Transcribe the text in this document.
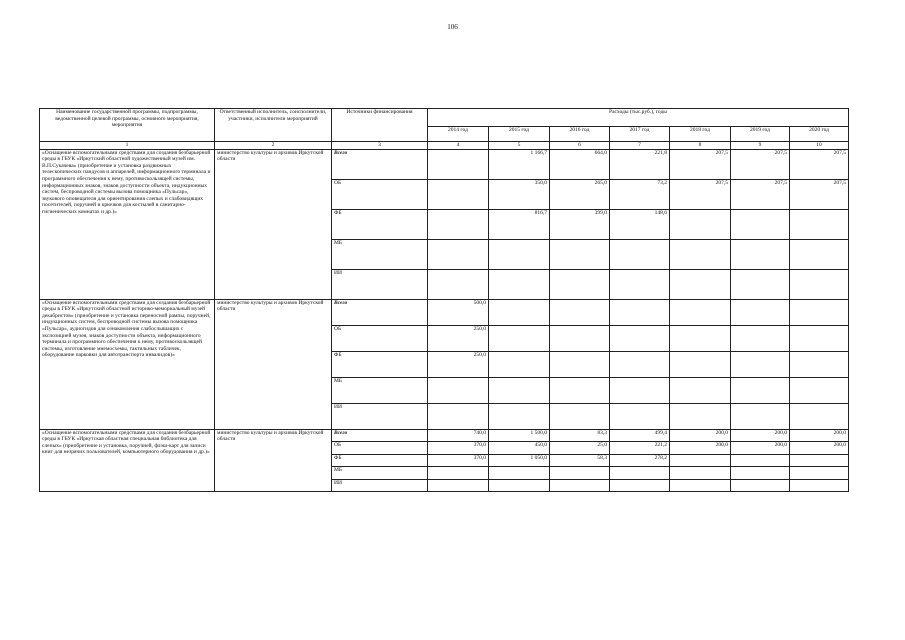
106
Наименование государственной программы, подпрограммы, ведомственной целевой программы, основного мероприятия, мероприятия	Ответственный исполнитель, соисполнители, участники, исполнители мероприятий	Источники финансирования	Расходы (тыс.руб.), годы						
			2014 год	2015 год	2016 год	2017 год	2018 год	2019 год	2020 год
1	2	3	4	5	6	7	8	9	10
«Оснащение вспомогательными средствами для создания безбарьерной среды в ГБУК «Иркутский областной художественный музей им. В.П.Сукачева» (приобретение и установка раздвижных телескопических пандусов и аппарелей, информационного терминала и программного обеспечения к нему, противоскользящей системы, информационных знаков, знаков доступности объекта, индукционных систем, беспроводной системы вызова помощника «Пульсар», звукового оповещателя для ориентирования слепых и слабовидящих посетителей, поручней и крючков для костылей в санитарно-гигиенических комнатах и др.)»	министерство культуры и архивов Иркутской области	Всего		1 166,7	664,0	221,8	207,5	207,5	207,5
		ОБ		350,0	265,0	73,2	207,5	207,5	207,5
		ФБ		816,7	399,0	148,6			
		МБ							
		ИИ							
«Оснащение вспомогательными средствами для создания безбарьерной среды в ГБУК «Иркутский областной историко-мемориальный музей декабристов» (приобретение и установка переносной рампы, поручней, индукционных систем, беспроводной системы вызова помощника «Пульсар», аудиогидов для ознакомления слабослышащих с экспозицией музея, знаков доступности объекта, информационного терминала и программного обеспечения к нему, противоскользящей системы, изготовление мнемосхемы, тактильных табличек, оборудование парковки для автотранспорта инвалидов)»	министерство культуры и архивов Иркутской области	Всего	500,0						
		ОБ	250,0						
		ФБ	250,0						
		МБ							
		ИИ							
«Оснащение вспомогательными средствами для создания безбарьерной среды в ГБУК «Иркутская областная специальная библиотека для слепых» (приобретение и установка, поручней, флэш-карт для записи книг для незрячих пользователей, компьютерного оборудования и др.)»	министерство культуры и архивов Иркутской области	Всего	740,0	1 500,0	83,3	499,4	200,0	200,0	200,0
		ОБ	370,0	450,0	25,0	221,2	200,0	200,0	200,0
		ФБ	370,0	1 050,0	58,3	278,2			
		МБ							
		ИИ							
